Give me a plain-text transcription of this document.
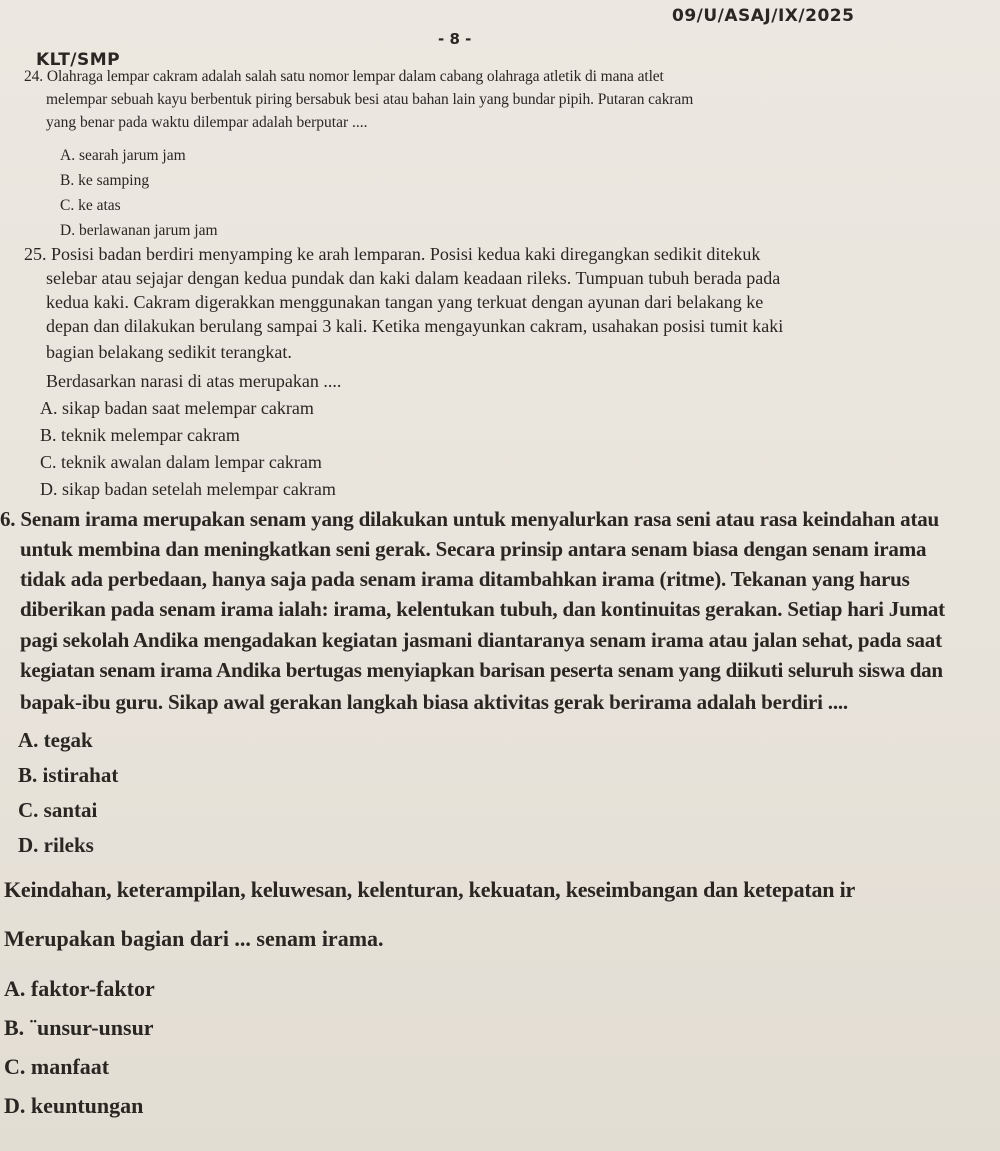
KLT/SMP
- 8 -
09/U/ASAJ/IX/2025
24. Olahraga lempar cakram adalah salah satu nomor lempar dalam cabang olahraga atletik di mana atlet
melempar sebuah kayu berbentuk piring bersabuk besi atau bahan lain yang bundar pipih. Putaran cakram
yang benar pada waktu dilempar adalah berputar ....
A. searah jarum jam
B. ke samping
C. ke atas
D. berlawanan jarum jam
25. Posisi badan berdiri menyamping ke arah lemparan. Posisi kedua kaki diregangkan sedikit ditekuk
selebar atau sejajar dengan kedua pundak dan kaki dalam keadaan rileks. Tumpuan tubuh berada pada
kedua kaki. Cakram digerakkan menggunakan tangan yang terkuat dengan ayunan dari belakang ke
depan dan dilakukan berulang sampai 3 kali. Ketika mengayunkan cakram, usahakan posisi tumit kaki
bagian belakang sedikit terangkat.
Berdasarkan narasi di atas merupakan ....
A. sikap badan saat melempar cakram
B. teknik melempar cakram
C. teknik awalan dalam lempar cakram
D. sikap badan setelah melempar cakram
6. Senam irama merupakan senam yang dilakukan untuk menyalurkan rasa seni atau rasa keindahan atau
untuk membina dan meningkatkan seni gerak. Secara prinsip antara senam biasa dengan senam irama
tidak ada perbedaan, hanya saja pada senam irama ditambahkan irama (ritme). Tekanan yang harus
diberikan pada senam irama ialah: irama, kelentukan tubuh, dan kontinuitas gerakan. Setiap hari Jumat
pagi sekolah Andika mengadakan kegiatan jasmani diantaranya senam irama atau jalan sehat, pada saat
kegiatan senam irama Andika bertugas menyiapkan barisan peserta senam yang diikuti seluruh siswa dan
bapak-ibu guru. Sikap awal gerakan langkah biasa aktivitas gerak berirama adalah berdiri ....
A. tegak
B. istirahat
C. santai
D. rileks
Keindahan, keterampilan, keluwesan, kelenturan, kekuatan, keseimbangan dan ketepatan ir
Merupakan bagian dari ... senam irama.
A. faktor-faktor
B. ¨unsur-unsur
C. manfaat
D. keuntungan
